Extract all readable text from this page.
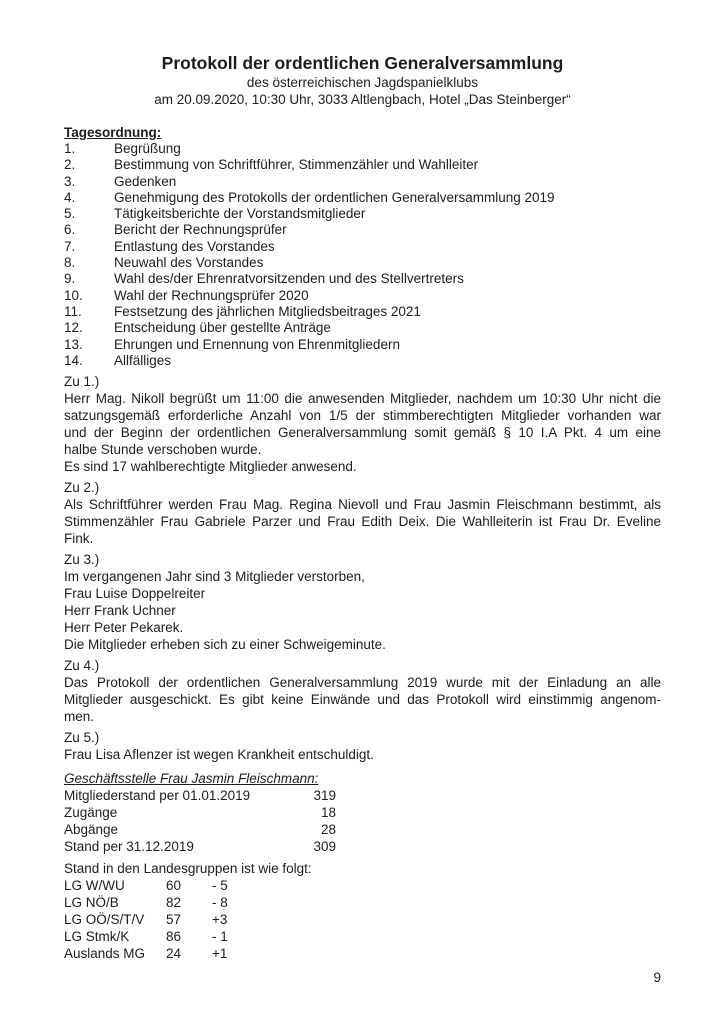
Protokoll der ordentlichen Generalversammlung
des österreichischen Jagdspanielklubs
am 20.09.2020, 10:30 Uhr, 3033 Altlengbach, Hotel „Das Steinberger“
Tagesordnung:
1.	Begrüßung
2.	Bestimmung von Schriftführer, Stimmenzähler und Wahlleiter
3.	Gedenken
4.	Genehmigung des Protokolls der ordentlichen Generalversammlung 2019
5.	Tätigkeitsberichte der Vorstandsmitglieder
6.	Bericht der Rechnungsprüfer
7.	Entlastung des Vorstandes
8.	Neuwahl des Vorstandes
9.	Wahl des/der Ehrenratvorsitzenden und des Stellvertreters
10.	Wahl der Rechnungsprüfer 2020
11.	Festsetzung des jährlichen Mitgliedsbeitrages 2021
12.	Entscheidung über gestellte Anträge
13.	Ehrungen und Ernennung von Ehrenmitgliedern
14.	Allfälliges
Zu 1.)
Herr Mag. Nikoll begrüßt um 11:00 die anwesenden Mitglieder, nachdem um 10:30 Uhr nicht die
satzungsgemäß erforderliche Anzahl von 1/5 der stimmberechtigten Mitglieder vorhanden war
und der Beginn der ordentlichen Generalversammlung somit gemäß § 10 I.A Pkt. 4 um eine
halbe Stunde verschoben wurde.
Es sind 17 wahlberechtigte Mitglieder anwesend.
Zu 2.)
Als Schriftführer werden Frau Mag. Regina Nievoll und Frau Jasmin Fleischmann bestimmt, als
Stimmenzähler Frau Gabriele Parzer und Frau Edith Deix. Die Wahlleiterin ist Frau Dr. Eveline
Fink.
Zu 3.)
Im vergangenen Jahr sind 3 Mitglieder verstorben,
Frau Luise Doppelreiter
Herr Frank Uchner
Herr Peter Pekarek.
Die Mitglieder erheben sich zu einer Schweigeminute.
Zu 4.)
Das Protokoll der ordentlichen Generalversammlung 2019 wurde mit der Einladung an alle
Mitglieder ausgeschickt. Es gibt keine Einwände und das Protokoll wird einstimmig angenom-
men.
Zu 5.)
Frau Lisa Aflenzer ist wegen Krankheit entschuldigt.
Geschäftsstelle Frau Jasmin Fleischmann:
Mitgliederstand per 01.01.2019	319
Zugänge	18
Abgänge	28
Stand per 31.12.2019	309
Stand in den Landesgruppen ist wie folgt:
LG W/WU	60	- 5
LG NÖ/B	82	- 8
LG OÖ/S/T/V	57	+3
LG Stmk/K	86	- 1
Auslands MG	24	+1
9
